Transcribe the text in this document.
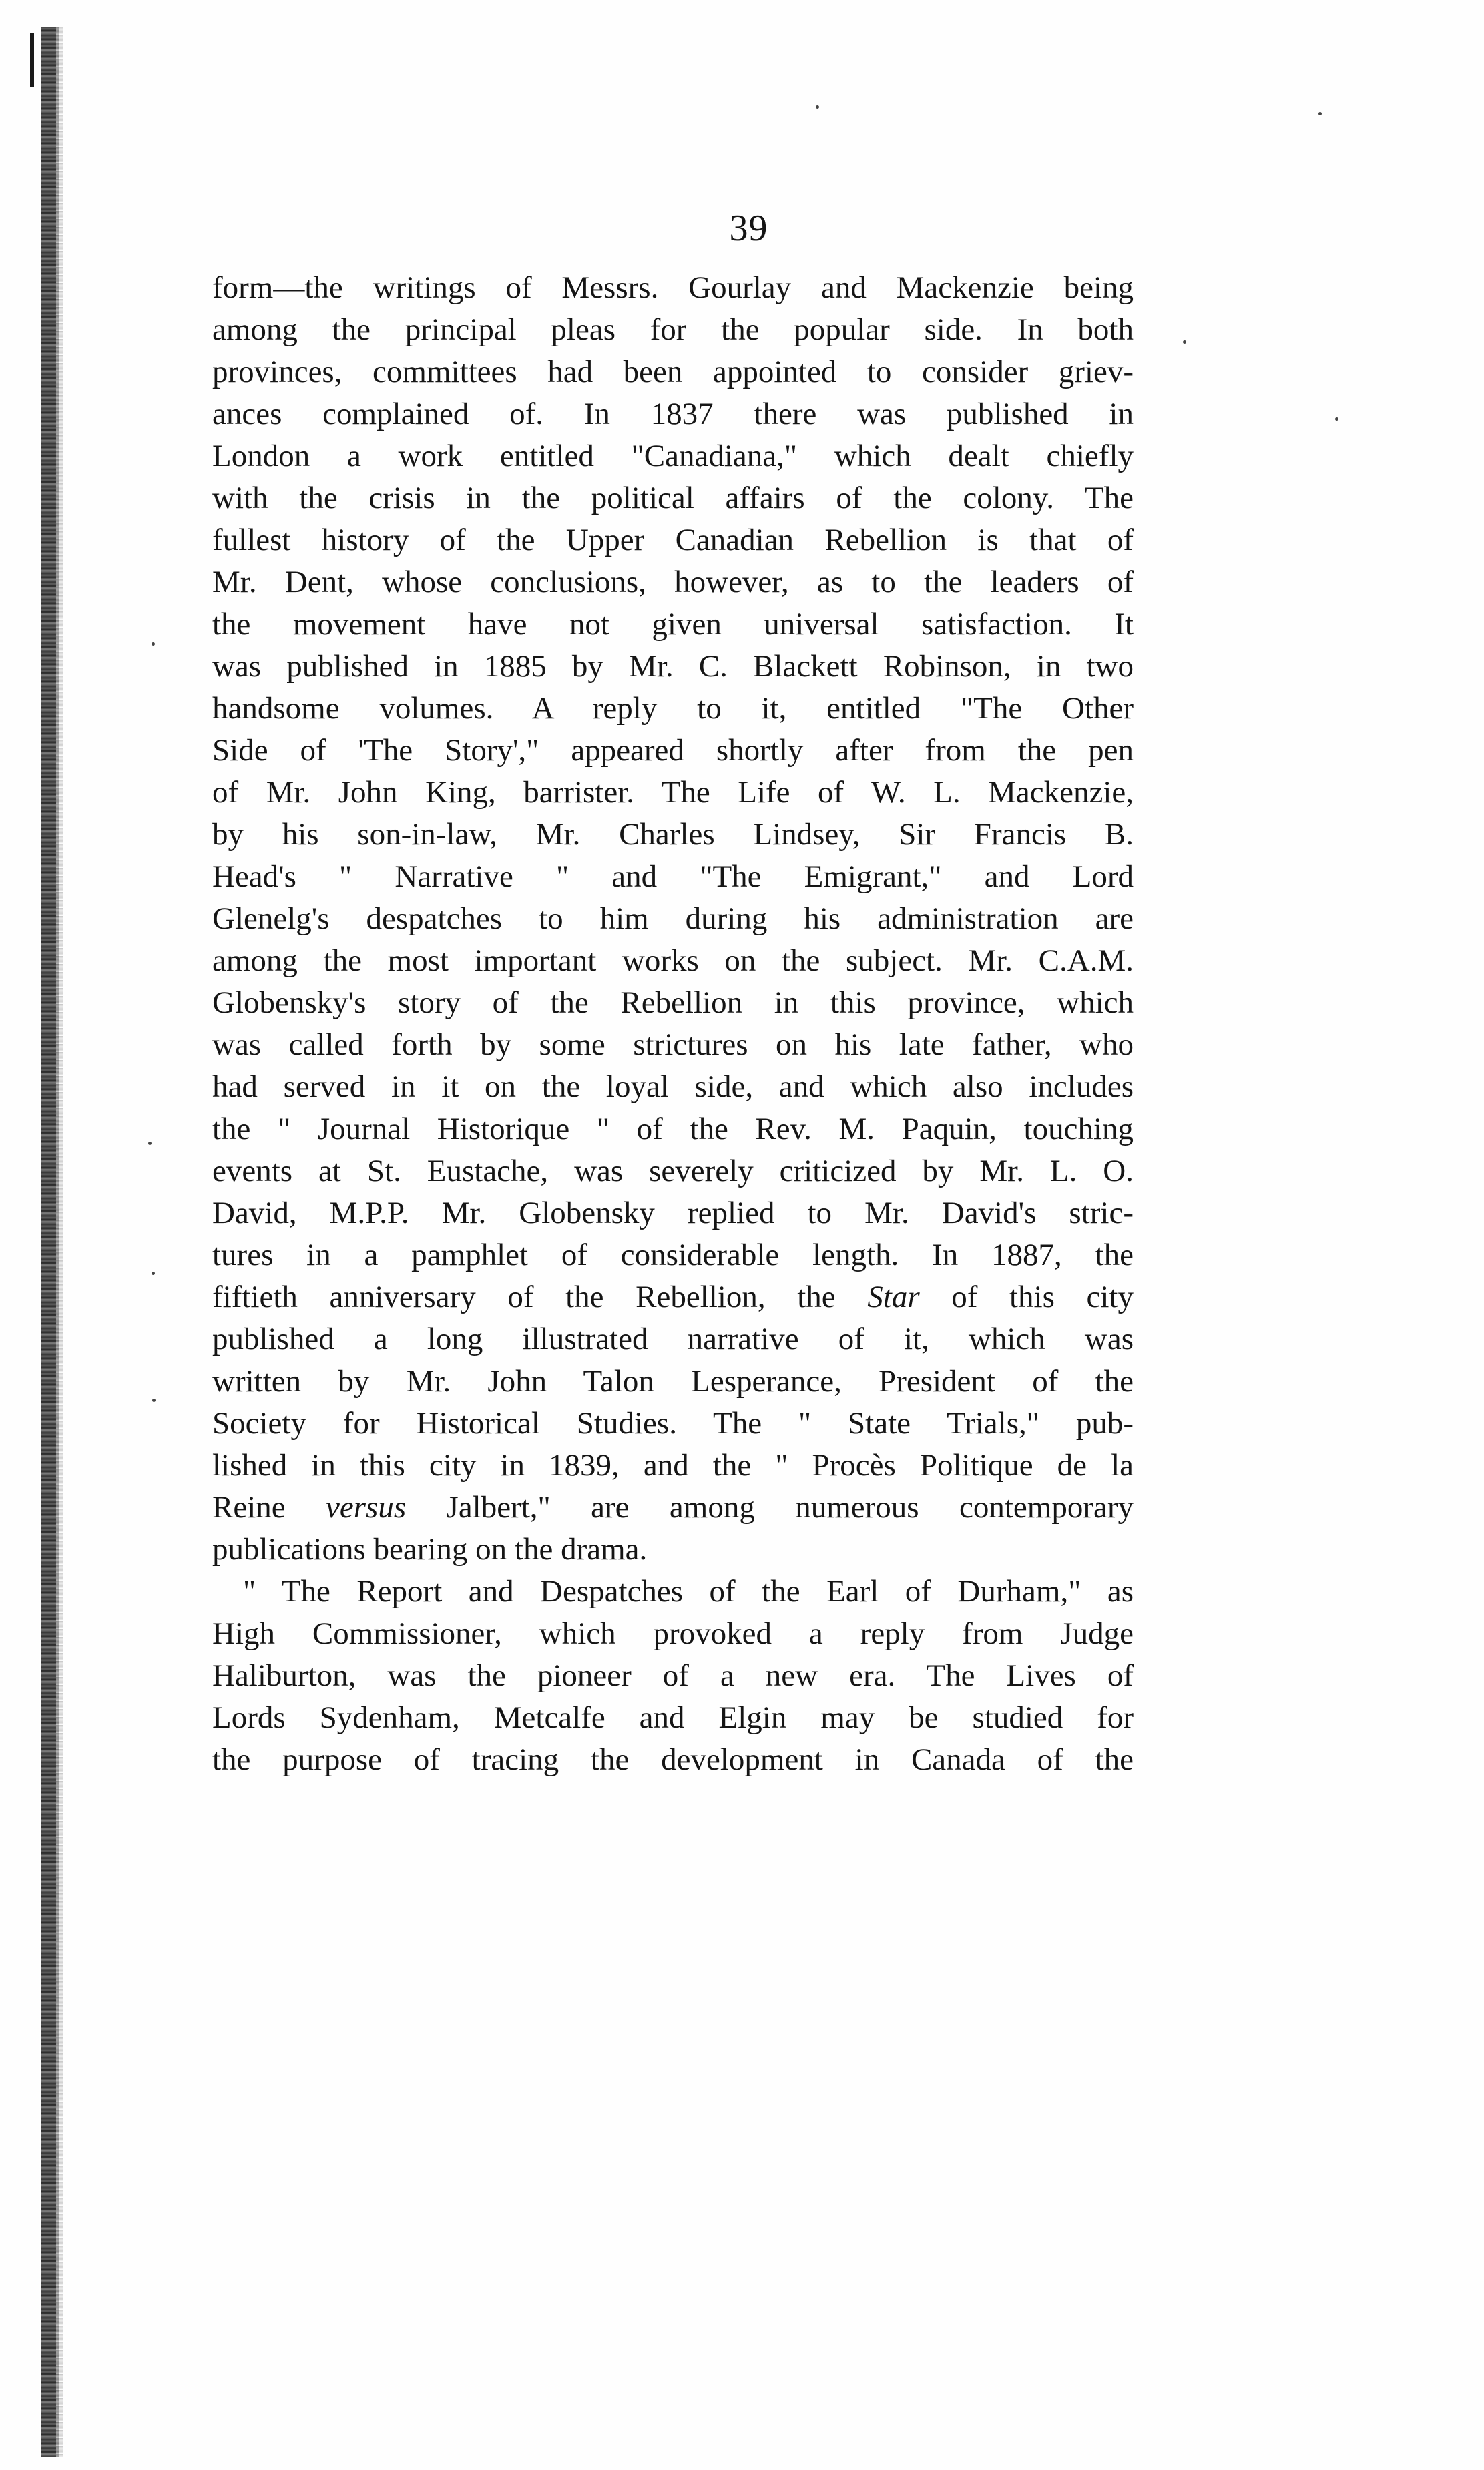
39
form—the writings of Messrs. Gourlay and Mackenzie being
among the principal pleas for the popular side. In both
provinces, committees had been appointed to consider griev-
ances complained of. In 1837 there was published in
London a work entitled "Canadiana," which dealt chiefly
with the crisis in the political affairs of the colony. The
fullest history of the Upper Canadian Rebellion is that of
Mr. Dent, whose conclusions, however, as to the leaders of
the movement have not given universal satisfaction. It
was published in 1885 by Mr. C. Blackett Robinson, in two
handsome volumes. A reply to it, entitled "The Other
Side of 'The Story'," appeared shortly after from the pen
of Mr. John King, barrister. The Life of W. L. Mackenzie,
by his son-in-law, Mr. Charles Lindsey, Sir Francis B.
Head's " Narrative " and "The Emigrant," and Lord
Glenelg's despatches to him during his administration are
among the most important works on the subject. Mr. C.A.M.
Globensky's story of the Rebellion in this province, which
was called forth by some strictures on his late father, who
had served in it on the loyal side, and which also includes
the " Journal Historique " of the Rev. M. Paquin, touching
events at St. Eustache, was severely criticized by Mr. L. O.
David, M.P.P. Mr. Globensky replied to Mr. David's stric-
tures in a pamphlet of considerable length. In 1887, the
fiftieth anniversary of the Rebellion, the Star of this city
published a long illustrated narrative of it, which was
written by Mr. John Talon Lesperance, President of the
Society for Historical Studies. The " State Trials," pub-
lished in this city in 1839, and the " Procès Politique de la
Reine versus Jalbert," are among numerous contemporary
publications bearing on the drama.
" The Report and Despatches of the Earl of Durham," as
High Commissioner, which provoked a reply from Judge
Haliburton, was the pioneer of a new era. The Lives of
Lords Sydenham, Metcalfe and Elgin may be studied for
the purpose of tracing the development in Canada of the
